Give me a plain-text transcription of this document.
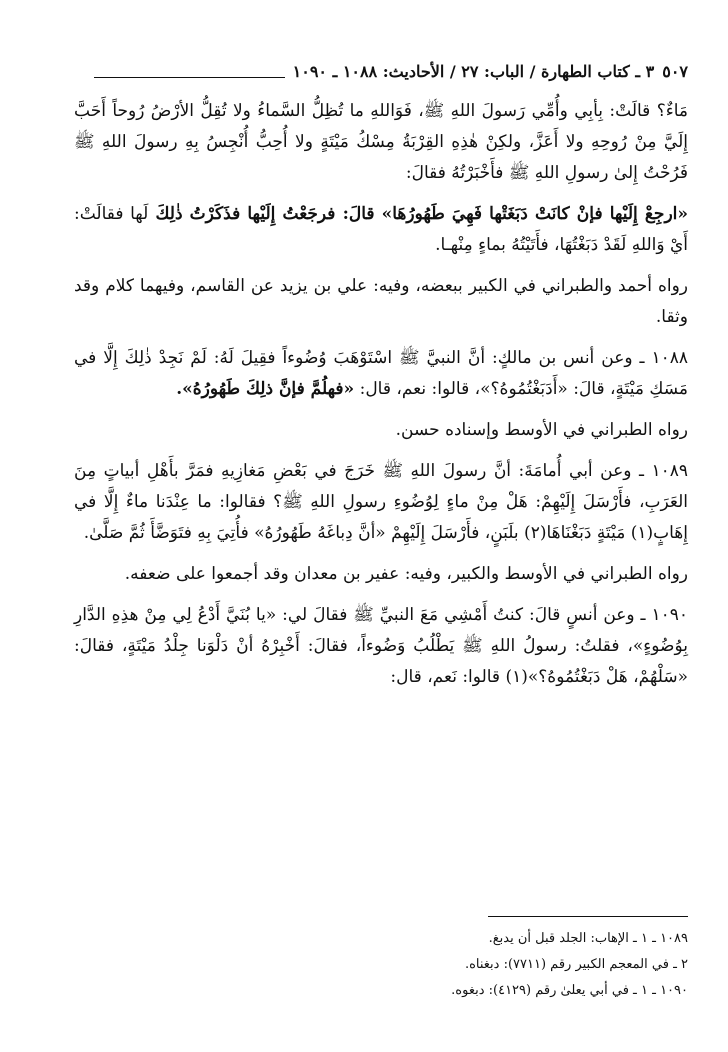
٥٠٧
٣ ـ كتاب الطهارة / الباب: ٢٧ / الأحاديث: ١٠٨٨ ـ ١٠٩٠

مَاءٌ؟ قالَتْ: بِأبِي وأُمِّي رَسولَ اللهِ ﷺ، فَوَاللهِ ما تُظِلُّ السَّماءُ ولا تُقِلُّ الأرْضُ رُوحاً أَحَبَّ إِلَيَّ مِنْ رُوحِهِ ولا أَعَزَّ، ولكِنْ هٰذِهِ القِرْبَةُ مِسْكُ مَيْتَةٍ ولا أُحِبُّ أُنْجِسُ بِهِ رسولَ اللهِ ﷺ فَرُحْتُ إِلىٰ رسولِ اللهِ ﷺ فأَخْبَرْتُهُ فقالَ:

«ارجِعْ إِلَيْها فإنْ كانَتْ دَبَغَتْها فَهِيَ طَهُورُهَا» قالَ: فرجَعْتُ إِلَيْها فذَكَرْتُ ذٰلِكَ لَها فقالَتْ: أَيْ وَاللهِ لَقَدْ دَبَغْتُهَا، فأَتَيْتُهُ بماءٍ مِنْهـا.

رواه أحمد والطبراني في الكبير ببعضه، وفيه: علي بن يزيد عن القاسم، وفيهما كلام وقد وثقا.

١٠٨٨ ـ وعن أنس بن مالكٍ: أنَّ النبيَّ ﷺ اسْتَوْهَبَ وُضُوءاً فقِيلَ لَهُ: لَمْ نَجِدْ ذٰلِكَ إِلَّا في مَسَكِ مَيْتَةٍ، قالَ: «أَدَبَغْتُمُوهُ؟»، قالوا: نعم، قال: «فهلُمَّ فإنَّ ذلِكَ طَهُورُهُ».

رواه الطبراني في الأوسط وإسناده حسن.

١٠٨٩ ـ وعن أبي أُمامَةَ: أنَّ رسولَ اللهِ ﷺ خَرَجَ في بَعْضِ مَغازِيهِ فمَرَّ بأَهْلِ أبياتٍ مِنَ العَرَبِ، فأَرْسَلَ إِلَيْهِمْ: هَلْ مِنْ ماءٍ لِوُضُوءِ رسولِ اللهِ ﷺ؟ فقالوا: ما عِنْدَنا ماءٌ إِلَّا في إِهَابٍ(١) مَيْتَةٍ دَبَغْنَاهَا(٢) بلَبَنٍ، فأَرْسَلَ إِلَيْهِمْ «أنَّ دِباغَهُ طَهُورُهُ» فأُتِيَ بِهِ فتَوَضَّأَ ثُمَّ صَلَّىٰ.

رواه الطبراني في الأوسط والكبير، وفيه: عفير بن معدان وقد أجمعوا على ضعفه.

١٠٩٠ ـ وعن أنسٍ قالَ: كنتُ أَمْشِي مَعَ النبيِّ ﷺ فقالَ لي: «يا بُنَيَّ أَدْعُ لِي مِنْ هذِهِ الدَّارِ بِوُضُوءٍ»، فقلتُ: رسولُ اللهِ ﷺ يَطْلُبُ وَضُوءاً، فقالَ: أَخْبِرْهُ أنْ دَلْوَنا جِلْدُ مَيْتَةٍ، فقالَ: «سَلْهُمْ، هَلْ دَبَغْتُمُوهُ؟»(١) قالوا: نَعم، قال:

١٠٨٩ ـ ١ ـ الإهاب: الجلد قبل أن يدبغ.
٢ ـ في المعجم الكبير رقم (٧٧١١): دبغناه.
١٠٩٠ ـ ١ ـ في أبي يعلىٰ رقم (٤١٢٩): دبغوه.
